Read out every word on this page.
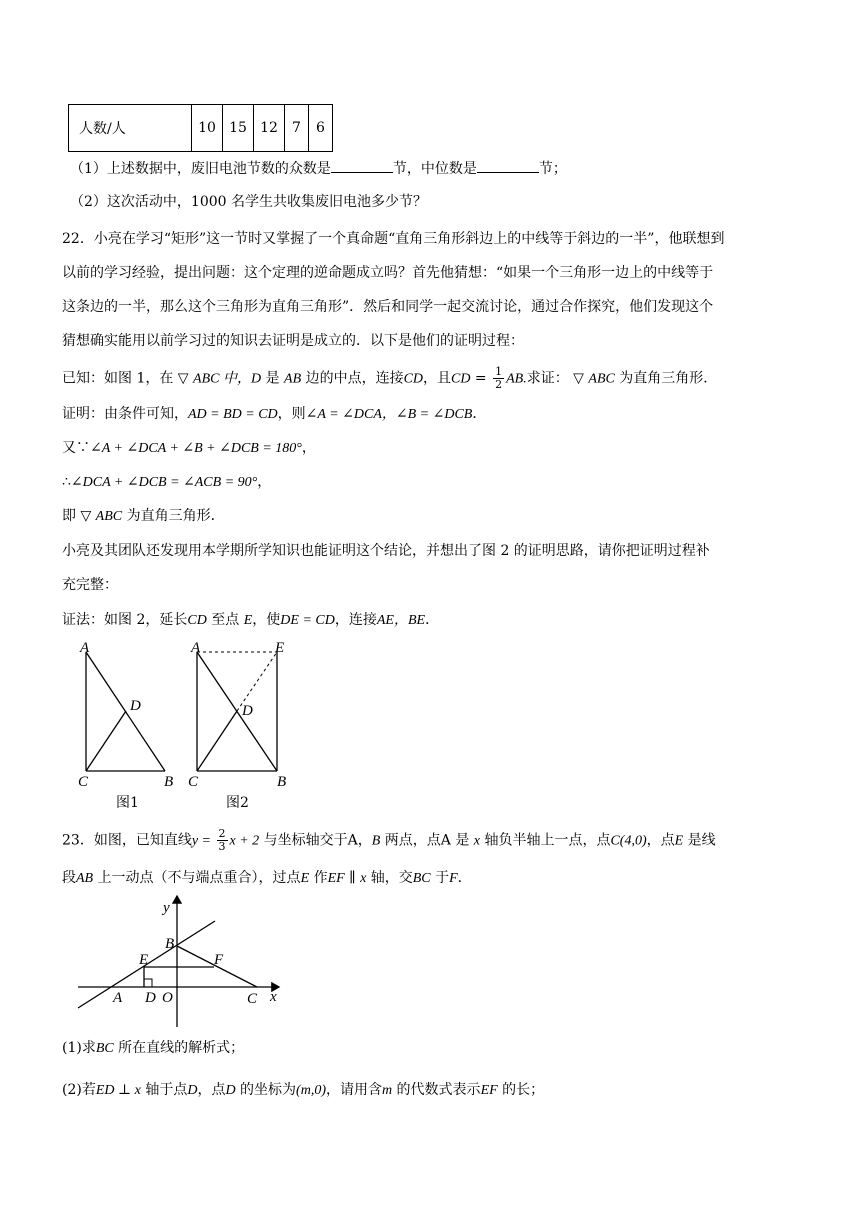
人数/人	10	15	12	7	6
（1）上述数据中，废旧电池节数的众数是	节，中位数是	节；
（2）这次活动中，1000 名学生共收集废旧电池多少节？
22．小亮在学习“矩形”这一节时又掌握了一个真命题“直角三角形斜边上的中线等于斜边的一半”，他联想到
以前的学习经验，提出问题：这个定理的逆命题成立吗？首先他猜想：“如果一个三角形一边上的中线等于
这条边的一半，那么这个三角形为直角三角形”．然后和同学一起交流讨论，通过合作探究，他们发现这个
猜想确实能用以前学习过的知识去证明是成立的．以下是他们的证明过程：
已知：如图 1，在 ▽ ABC 中，D 是 AB 边的中点，连接CD，且CD = $\frac{1}{2}$ AB.求证： ▽ ABC 为直角三角形．
证明：由条件可知，AD = BD = CD，则∠A = ∠DCA，∠B = ∠DCB．
又∵∠A + ∠DCA + ∠B + ∠DCB = 180°，
∴∠DCA + ∠DCB = ∠ACB = 90°，
即 ▽ ABC 为直角三角形．
小亮及其团队还发现用本学期所学知识也能证明这个结论，并想出了图 2 的证明思路，请你把证明过程补
充完整：
证法：如图 2，延长CD 至点 E，使DE = CD，连接AE，BE．
A
D
C	B
图1
A	E
D
C	B
图2
23．如图，已知直线$y = \frac{2}{3}$ x + 2 与坐标轴交于A，B 两点，点A 是 x 轴负半轴上一点，点C(4,0)，点E 是线
段AB 上一动点（不与端点重合），过点E 作EF ∥ x 轴，交BC 于F．
y
x
A
B
C
D O
E	F
(1)求BC 所在直线的解析式；
(2)若ED ⊥ x 轴于点D，点D 的坐标为(m,0)，请用含m 的代数式表示EF 的长；
